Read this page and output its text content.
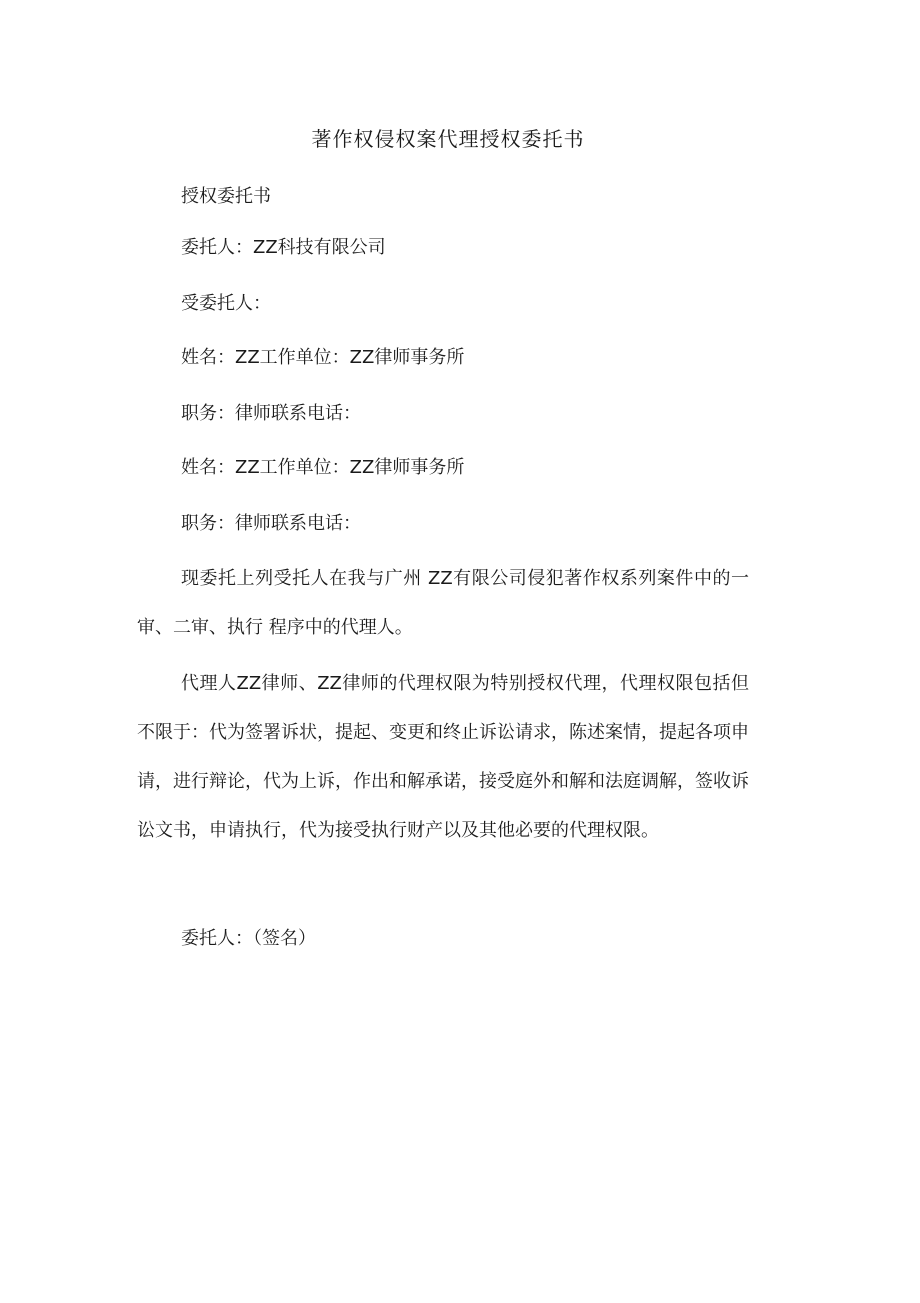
著作权侵权案代理授权委托书
授权委托书
委托人：ZZ科技有限公司
受委托人：
姓名：ZZ工作单位：ZZ律师事务所
职务：律师联系电话：
姓名：ZZ工作单位：ZZ律师事务所
职务：律师联系电话：

现委托上列受托人在我与广州 ZZ有限公司侵犯著作权系列案件中的一审、二审、执行 程序中的代理人。

代理人ZZ律师、ZZ律师的代理权限为特别授权代理，代理权限包括但不限于：代为签署诉状，提起、变更和终止诉讼请求，陈述案情，提起各项申请，进行辩论，代为上诉，作出和解承诺，接受庭外和解和法庭调解，签收诉讼文书，申请执行，代为接受执行财产以及其他必要的代理权限。

委托人：（签名）
